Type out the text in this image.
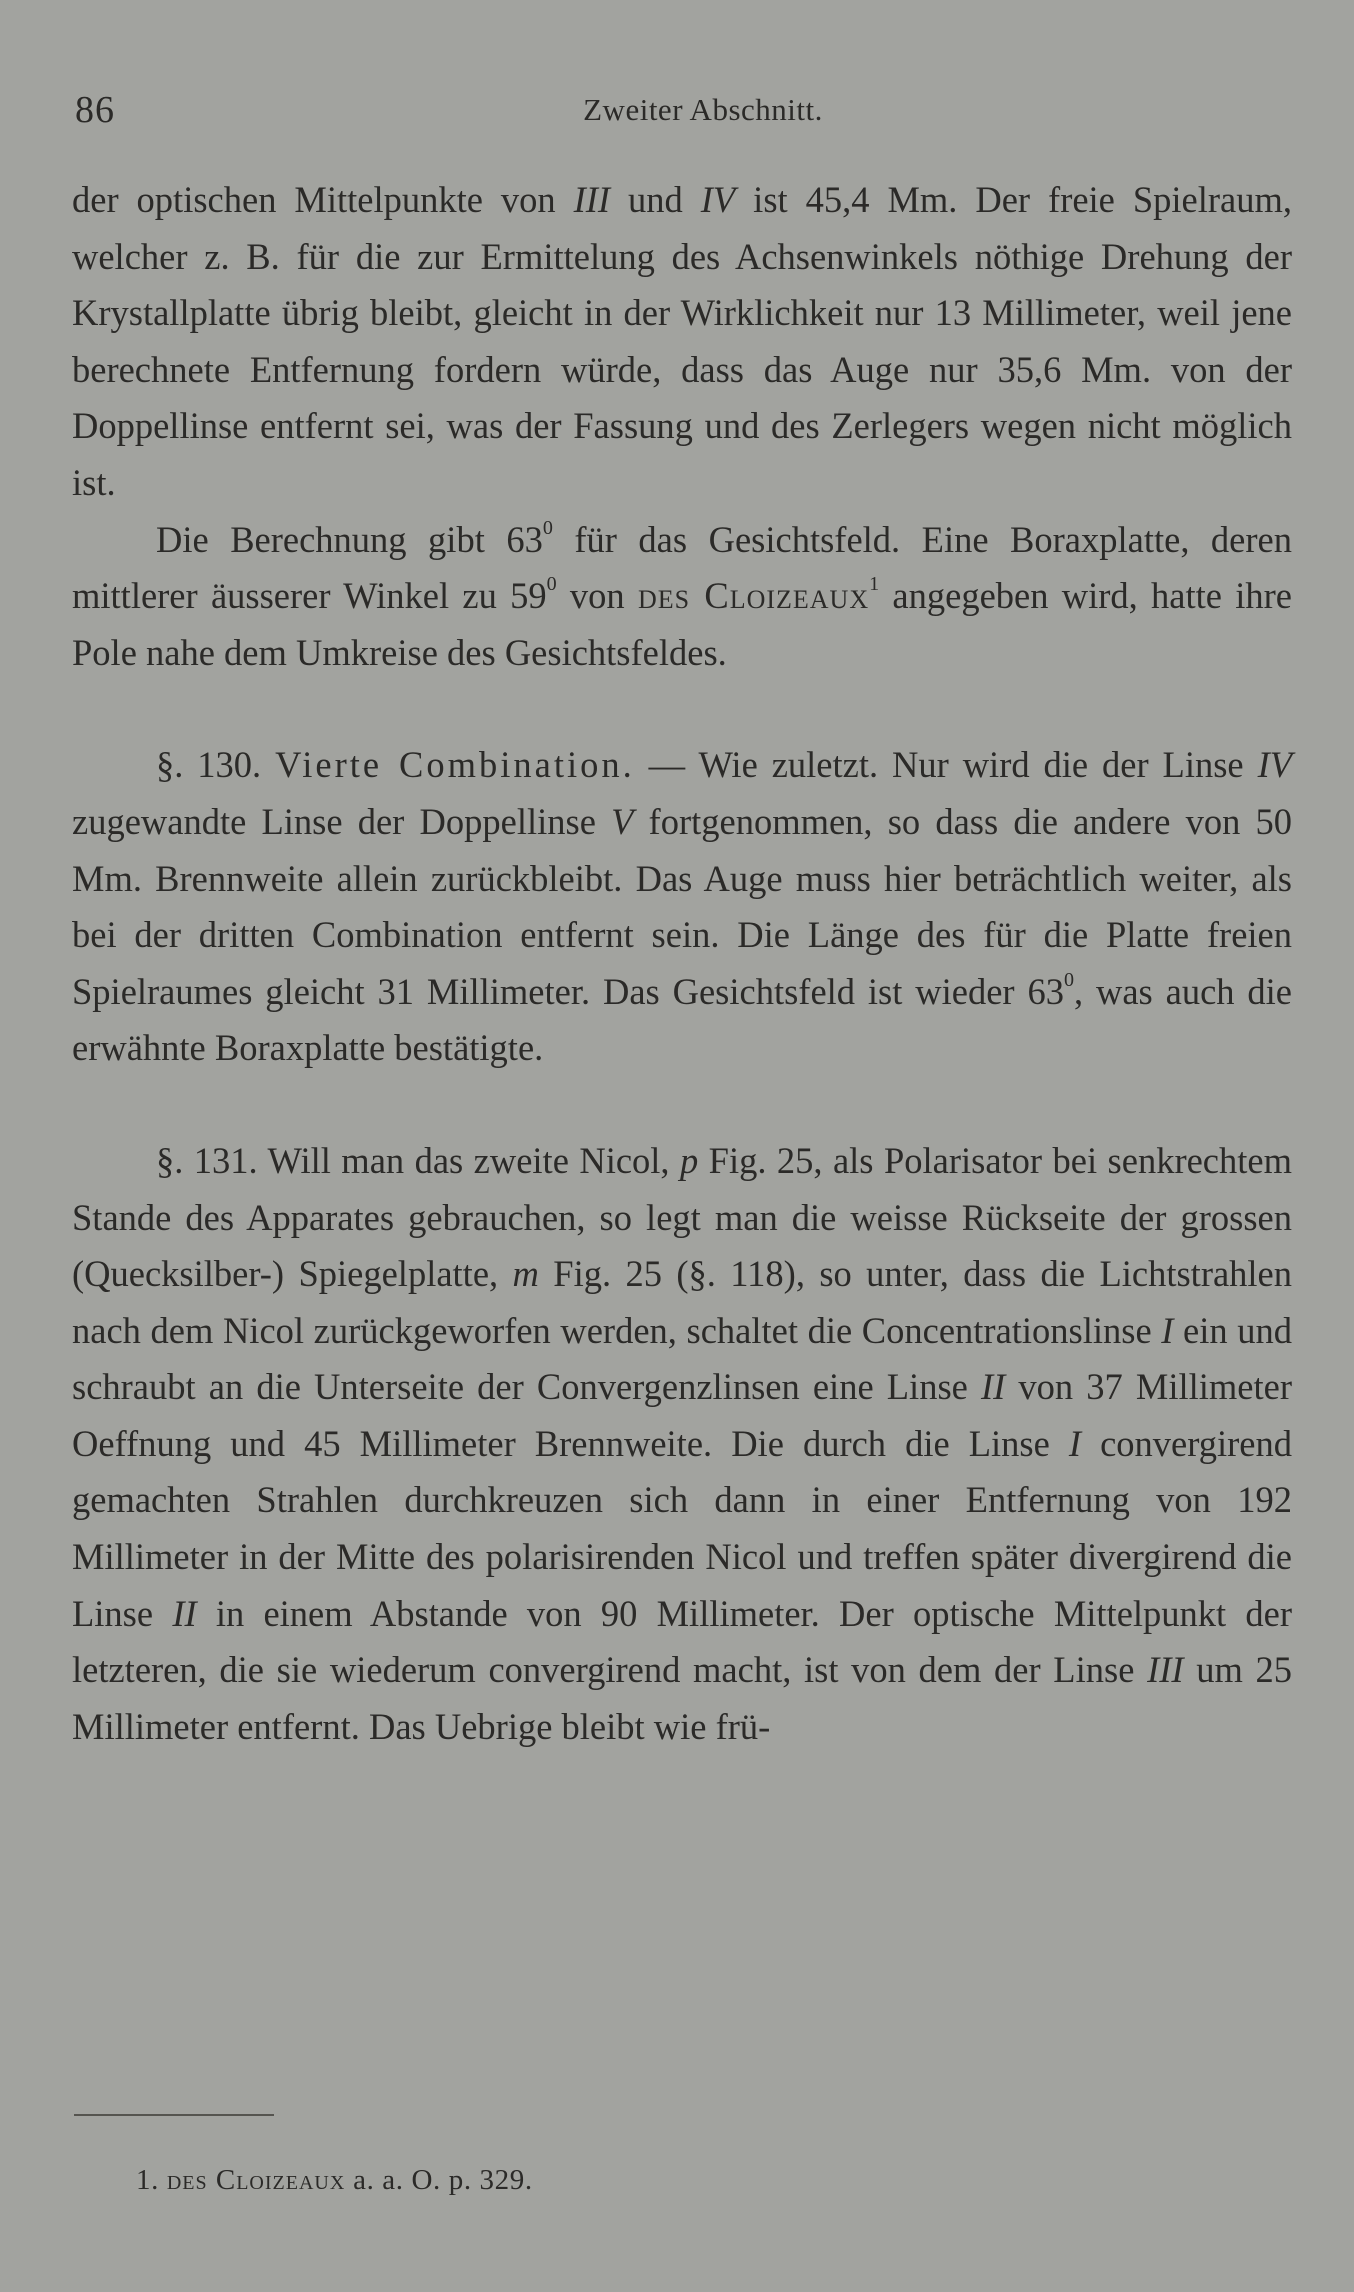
86	Zweiter Abschnitt.

der optischen Mittelpunkte von III und IV ist 45,4 Mm. Der freie Spielraum, welcher z. B. für die zur Ermittelung des Achsenwinkels nöthige Drehung der Krystallplatte übrig bleibt, gleicht in der Wirklichkeit nur 13 Millimeter, weil jene berechnete Entfernung fordern würde, dass das Auge nur 35,6 Mm. von der Doppellinse entfernt sei, was der Fassung und des Zerlegers wegen nicht möglich ist.

Die Berechnung gibt $63^0$ für das Gesichtsfeld. Eine Boraxplatte, deren mittlerer äusserer Winkel zu $59^0$ von des Cloizeaux$^1$ angegeben wird, hatte ihre Pole nahe dem Umkreise des Gesichtsfeldes.

§. 130. Vierte Combination. — Wie zuletzt. Nur wird die der Linse IV zugewandte Linse der Doppellinse V fortgenommen, so dass die andere von 50 Mm. Brennweite allein zurückbleibt. Das Auge muss hier beträchtlich weiter, als bei der dritten Combination entfernt sein. Die Länge des für die Platte freien Spielraumes gleicht 31 Millimeter. Das Gesichtsfeld ist wieder $63^0$, was auch die erwähnte Boraxplatte bestätigte.

§. 131. Will man das zweite Nicol, p Fig. 25, als Polarisator bei senkrechtem Stande des Apparates gebrauchen, so legt man die weisse Rückseite der grossen (Quecksilber-) Spiegelplatte, m Fig. 25 (§. 118), so unter, dass die Lichtstrahlen nach dem Nicol zurückgeworfen werden, schaltet die Concentrationslinse I ein und schraubt an die Unterseite der Convergenzlinsen eine Linse II von 37 Millimeter Oeffnung und 45 Millimeter Brennweite. Die durch die Linse I convergirend gemachten Strahlen durchkreuzen sich dann in einer Entfernung von 192 Millimeter in der Mitte des polarisirenden Nicol und treffen später divergirend die Linse II in einem Abstande von 90 Millimeter. Der optische Mittelpunkt der letzteren, die sie wiederum convergirend macht, ist von dem der Linse III um 25 Millimeter entfernt. Das Uebrige bleibt wie frü-

1. des Cloizeaux a. a. O. p. 329.
